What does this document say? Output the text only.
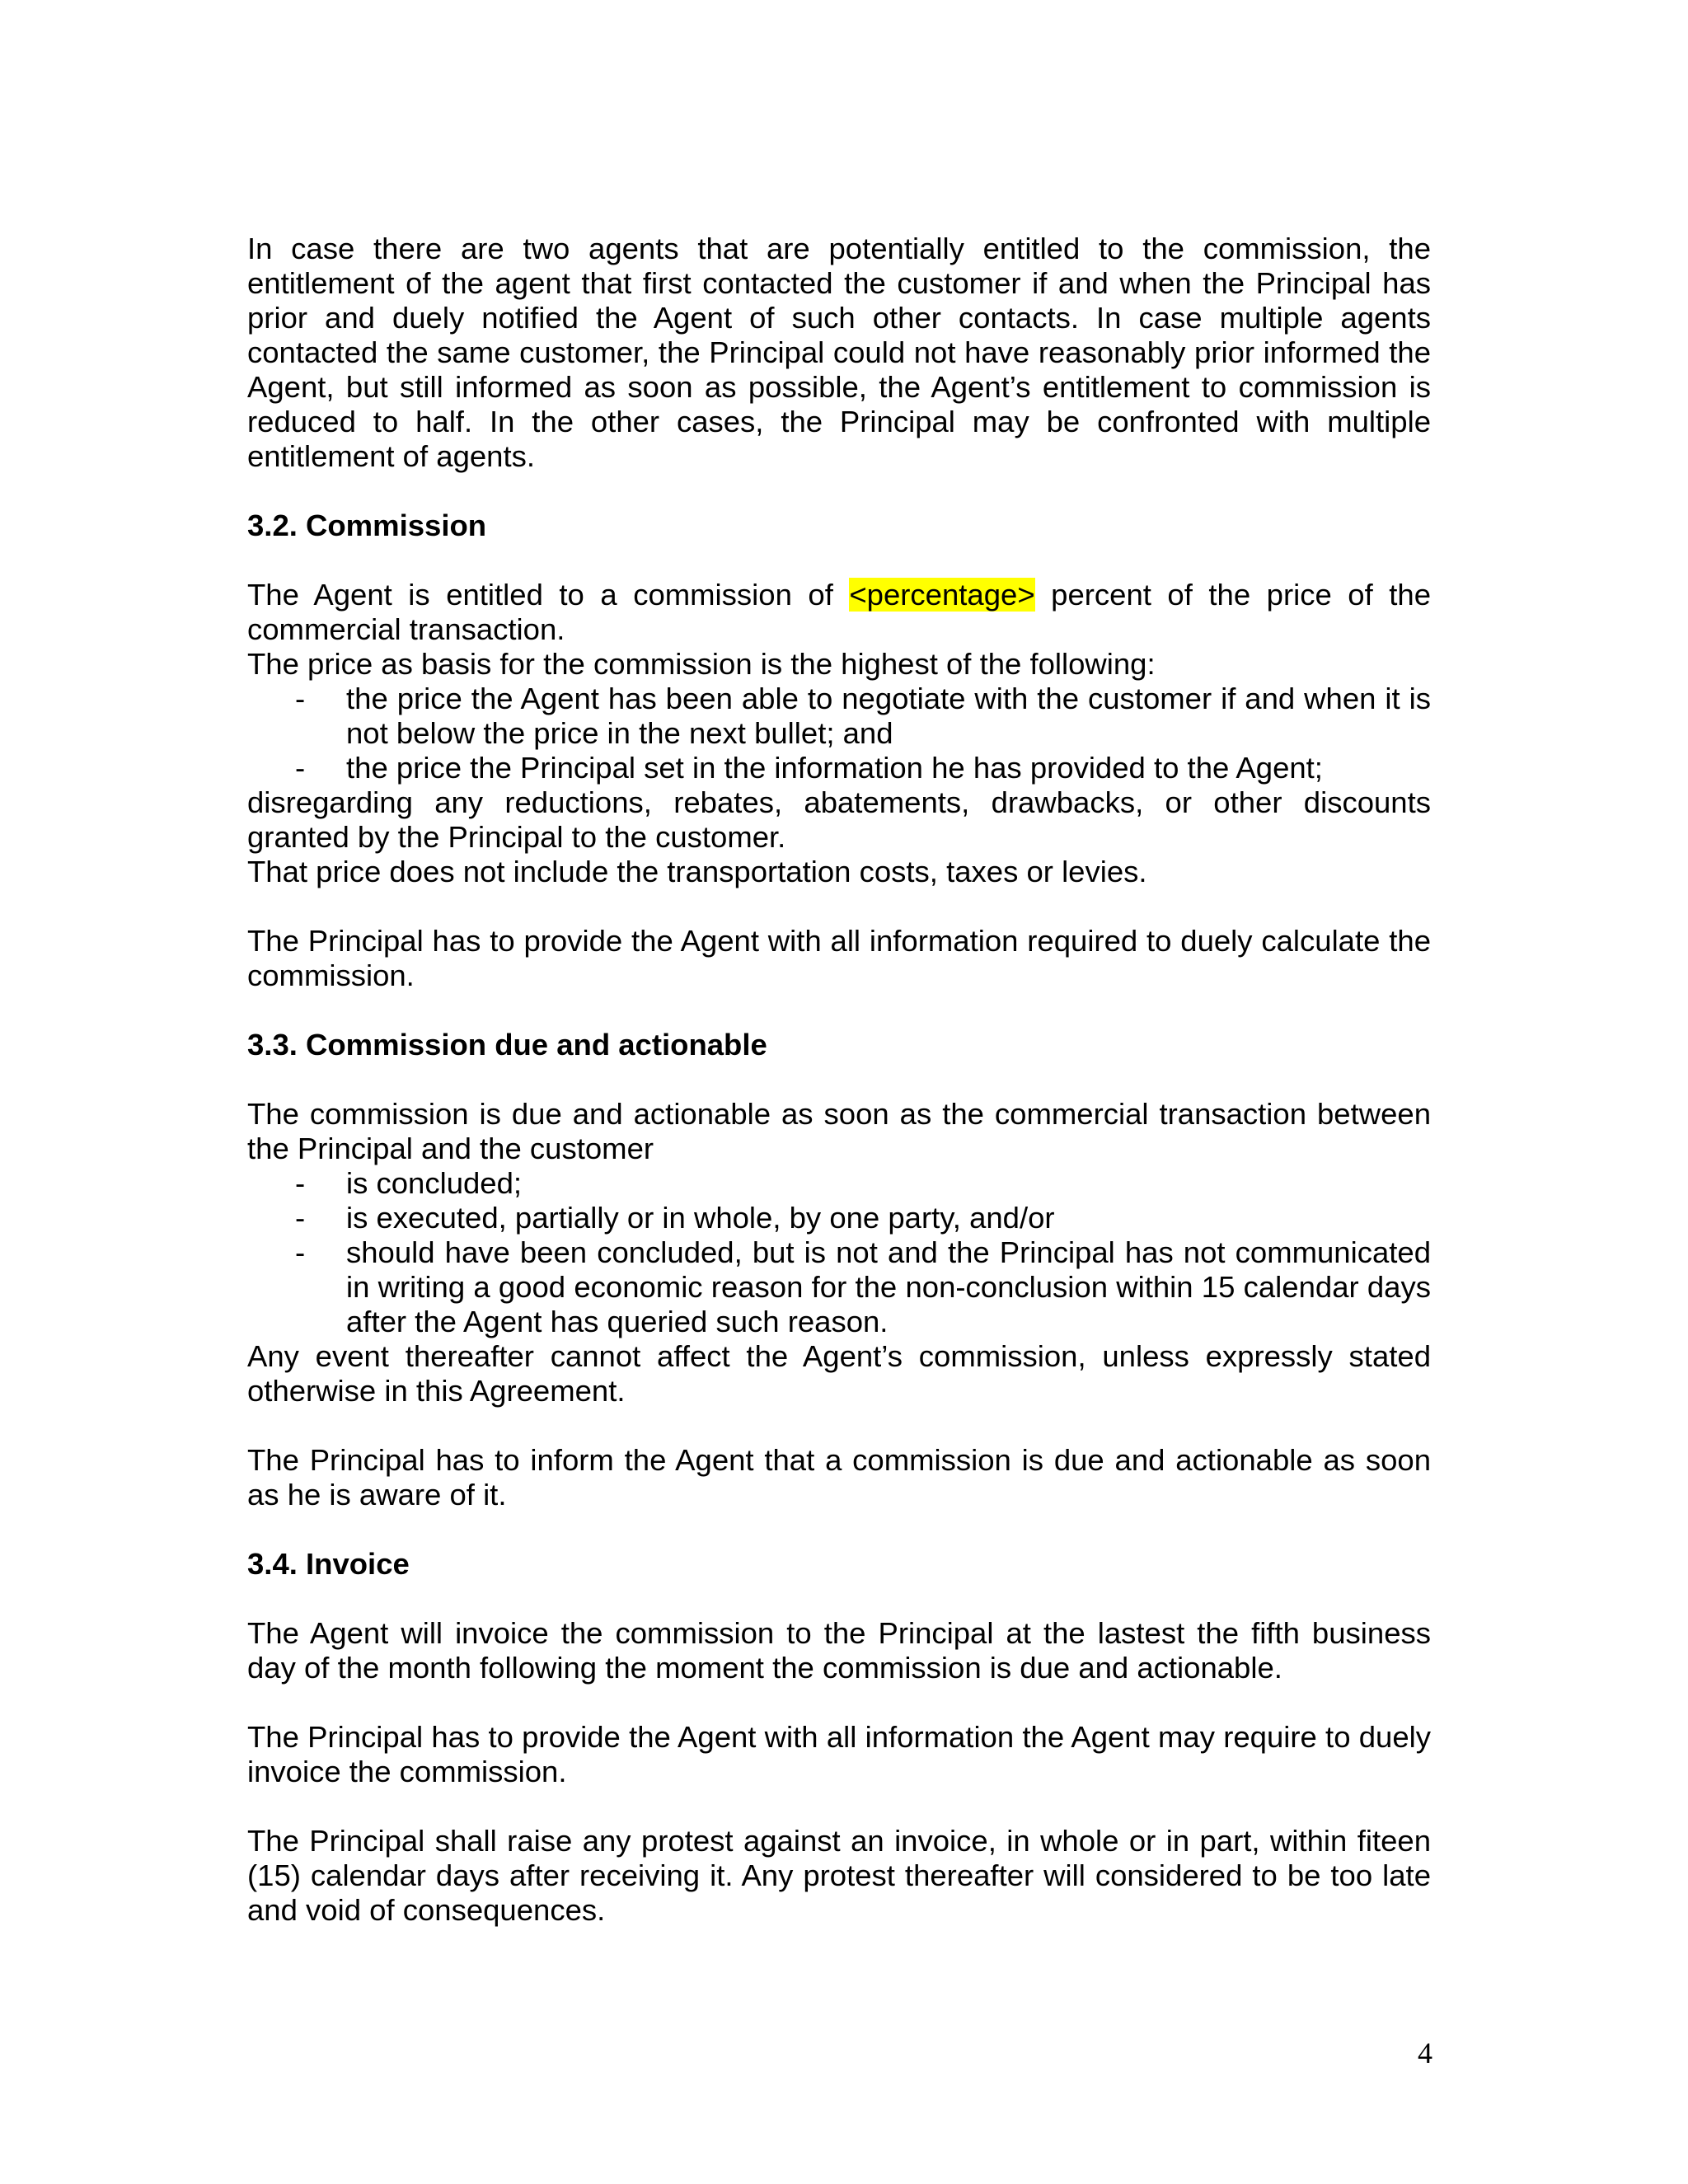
In case there are two agents that are potentially entitled to the commission, the entitlement of the agent that first contacted the customer if and when the Principal has prior and duely notified the Agent of such other contacts. In case multiple agents contacted the same customer, the Principal could not have reasonably prior informed the Agent, but still informed as soon as possible, the Agent’s entitlement to commission is reduced to half. In the other cases, the Principal may be confronted with multiple entitlement of agents.

3.2. Commission

The Agent is entitled to a commission of <percentage> percent of the price of the commercial transaction.

The price as basis for the commission is the highest of the following:

- the price the Agent has been able to negotiate with the customer if and when it is not below the price in the next bullet; and
- the price the Principal set in the information he has provided to the Agent;

disregarding any reductions, rebates, abatements, drawbacks, or other discounts granted by the Principal to the customer.

That price does not include the transportation costs, taxes or levies.

The Principal has to provide the Agent with all information required to duely calculate the commission.

3.3. Commission due and actionable

The commission is due and actionable as soon as the commercial transaction between the Principal and the customer

- is concluded;
- is executed, partially or in whole, by one party, and/or
- should have been concluded, but is not and the Principal has not communicated in writing a good economic reason for the non-conclusion within 15 calendar days after the Agent has queried such reason.

Any event thereafter cannot affect the Agent’s commission, unless expressly stated otherwise in this Agreement.

The Principal has to inform the Agent that a commission is due and actionable as soon as he is aware of it.

3.4. Invoice

The Agent will invoice the commission to the Principal at the lastest the fifth business day of the month following the moment the commission is due and actionable.

The Principal has to provide the Agent with all information the Agent may require to duely invoice the commission.

The Principal shall raise any protest against an invoice, in whole or in part, within fiteen (15) calendar days after receiving it. Any protest thereafter will considered to be too late and void of consequences.

4
